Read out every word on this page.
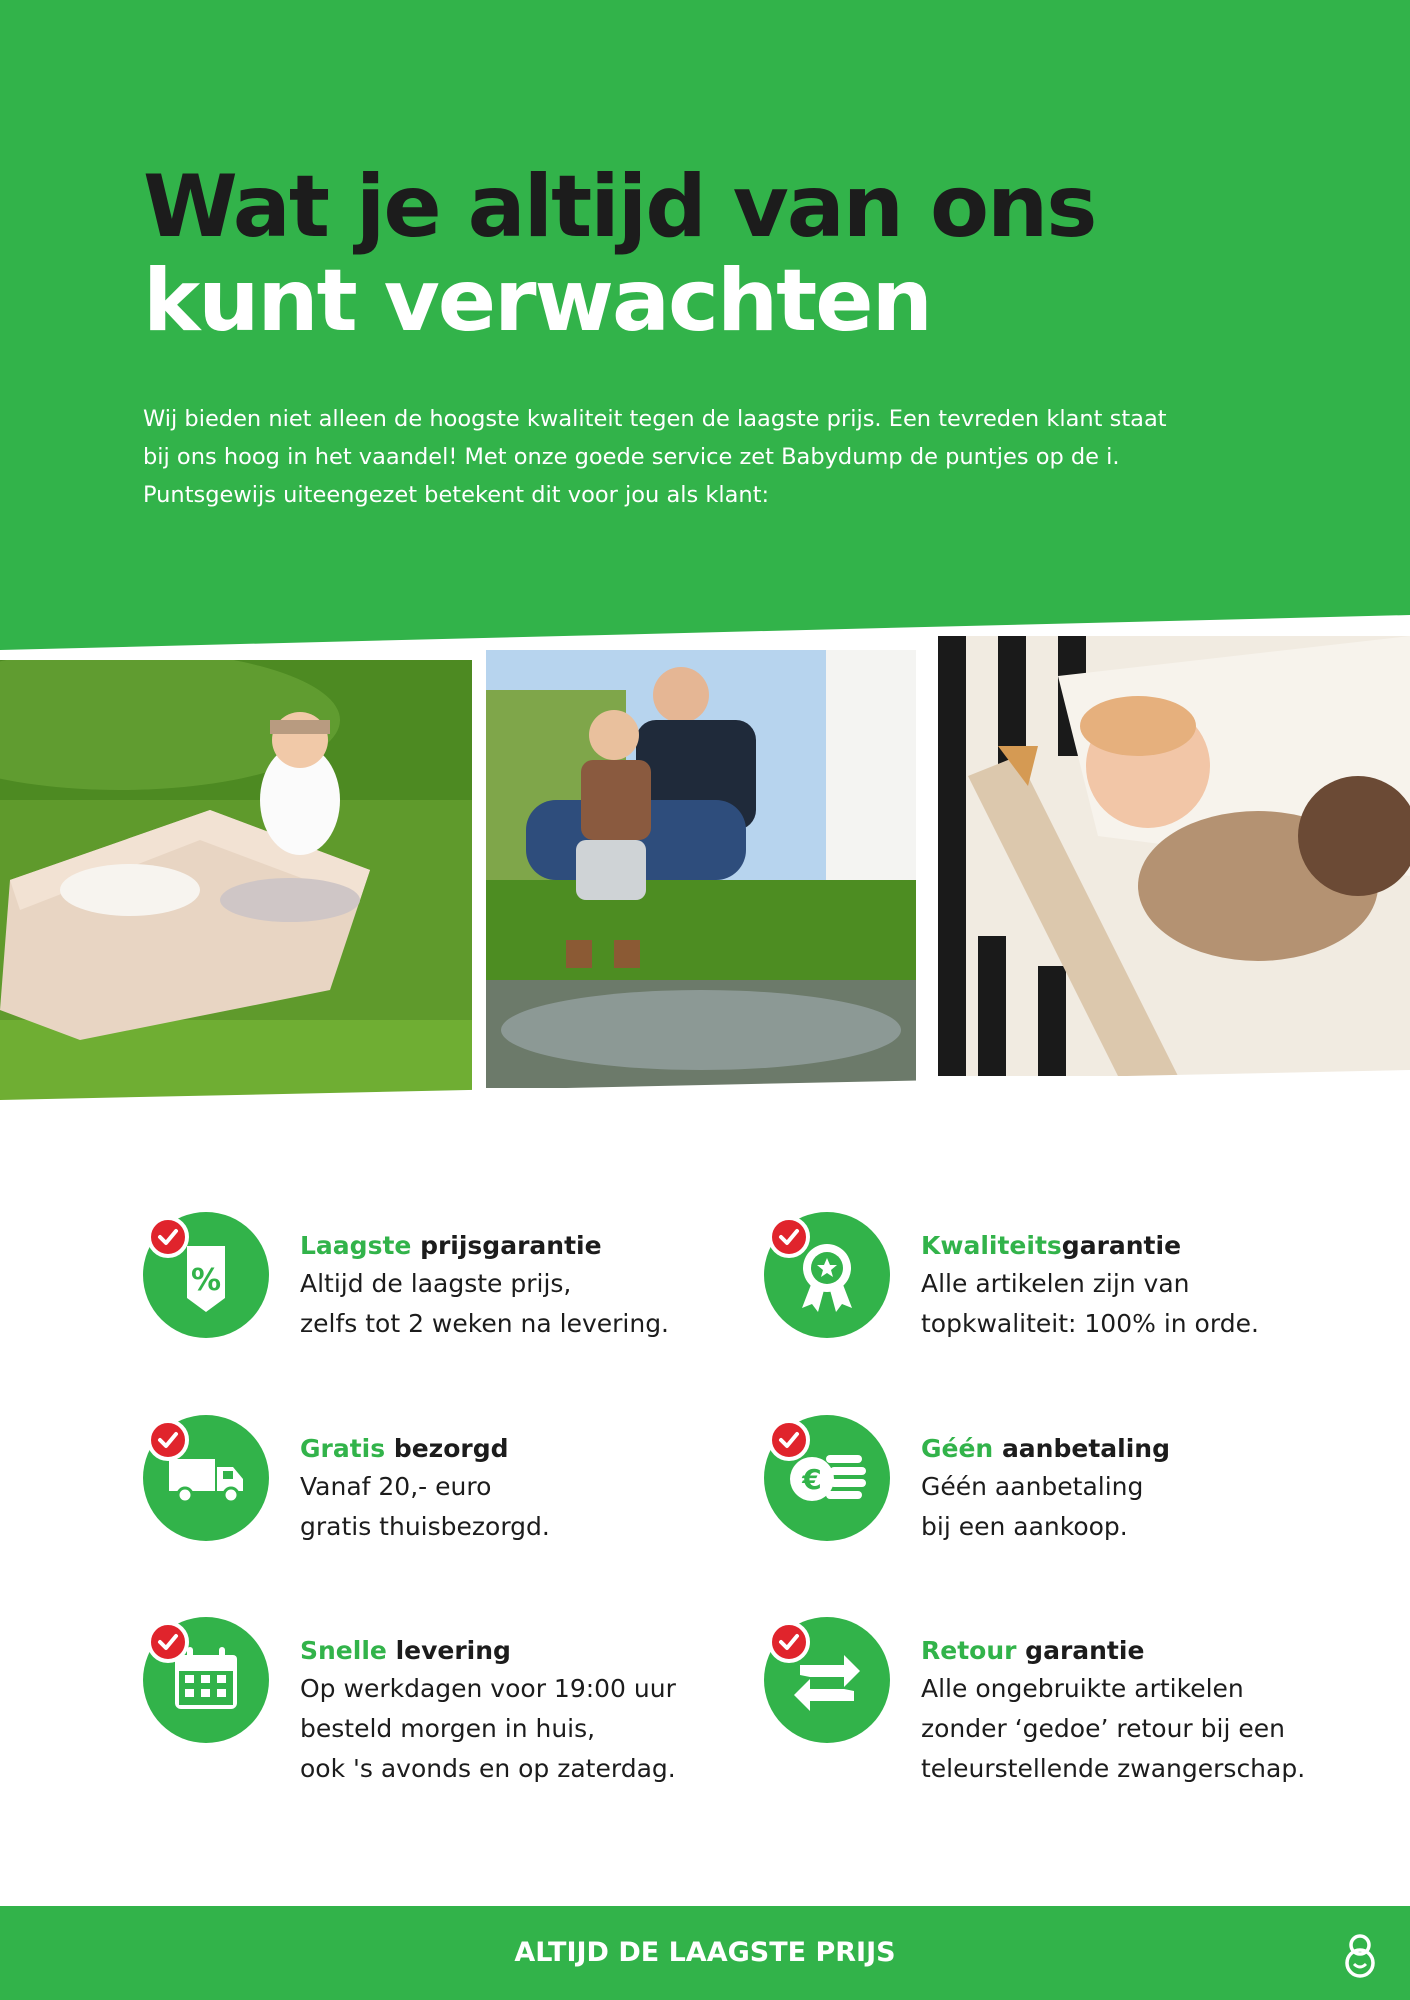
Wat je altijd van ons
kunt verwachten

Wij bieden niet alleen de hoogste kwaliteit tegen de laagste prijs. Een tevreden klant staat bij ons hoog in het vaandel! Met onze goede service zet Babydump de puntjes op de i. Puntsgewijs uiteengezet betekent dit voor jou als klant:

%
Laagste prijsgarantie
Altijd de laagste prijs,
zelfs tot 2 weken na levering.
Kwaliteitsgarantie
Alle artikelen zijn van
topkwaliteit: 100% in orde.
Gratis bezorgd
Vanaf 20,- euro
gratis thuisbezorgd.
€
Géén aanbetaling
Géén aanbetaling
bij een aankoop.
Snelle levering
Op werkdagen voor 19:00 uur
besteld morgen in huis,
ook 's avonds en op zaterdag.
Retour garantie
Alle ongebruikte artikelen
zonder ‘gedoe’ retour bij een
teleurstellende zwangerschap.
ALTIJD DE LAAGSTE PRIJS
